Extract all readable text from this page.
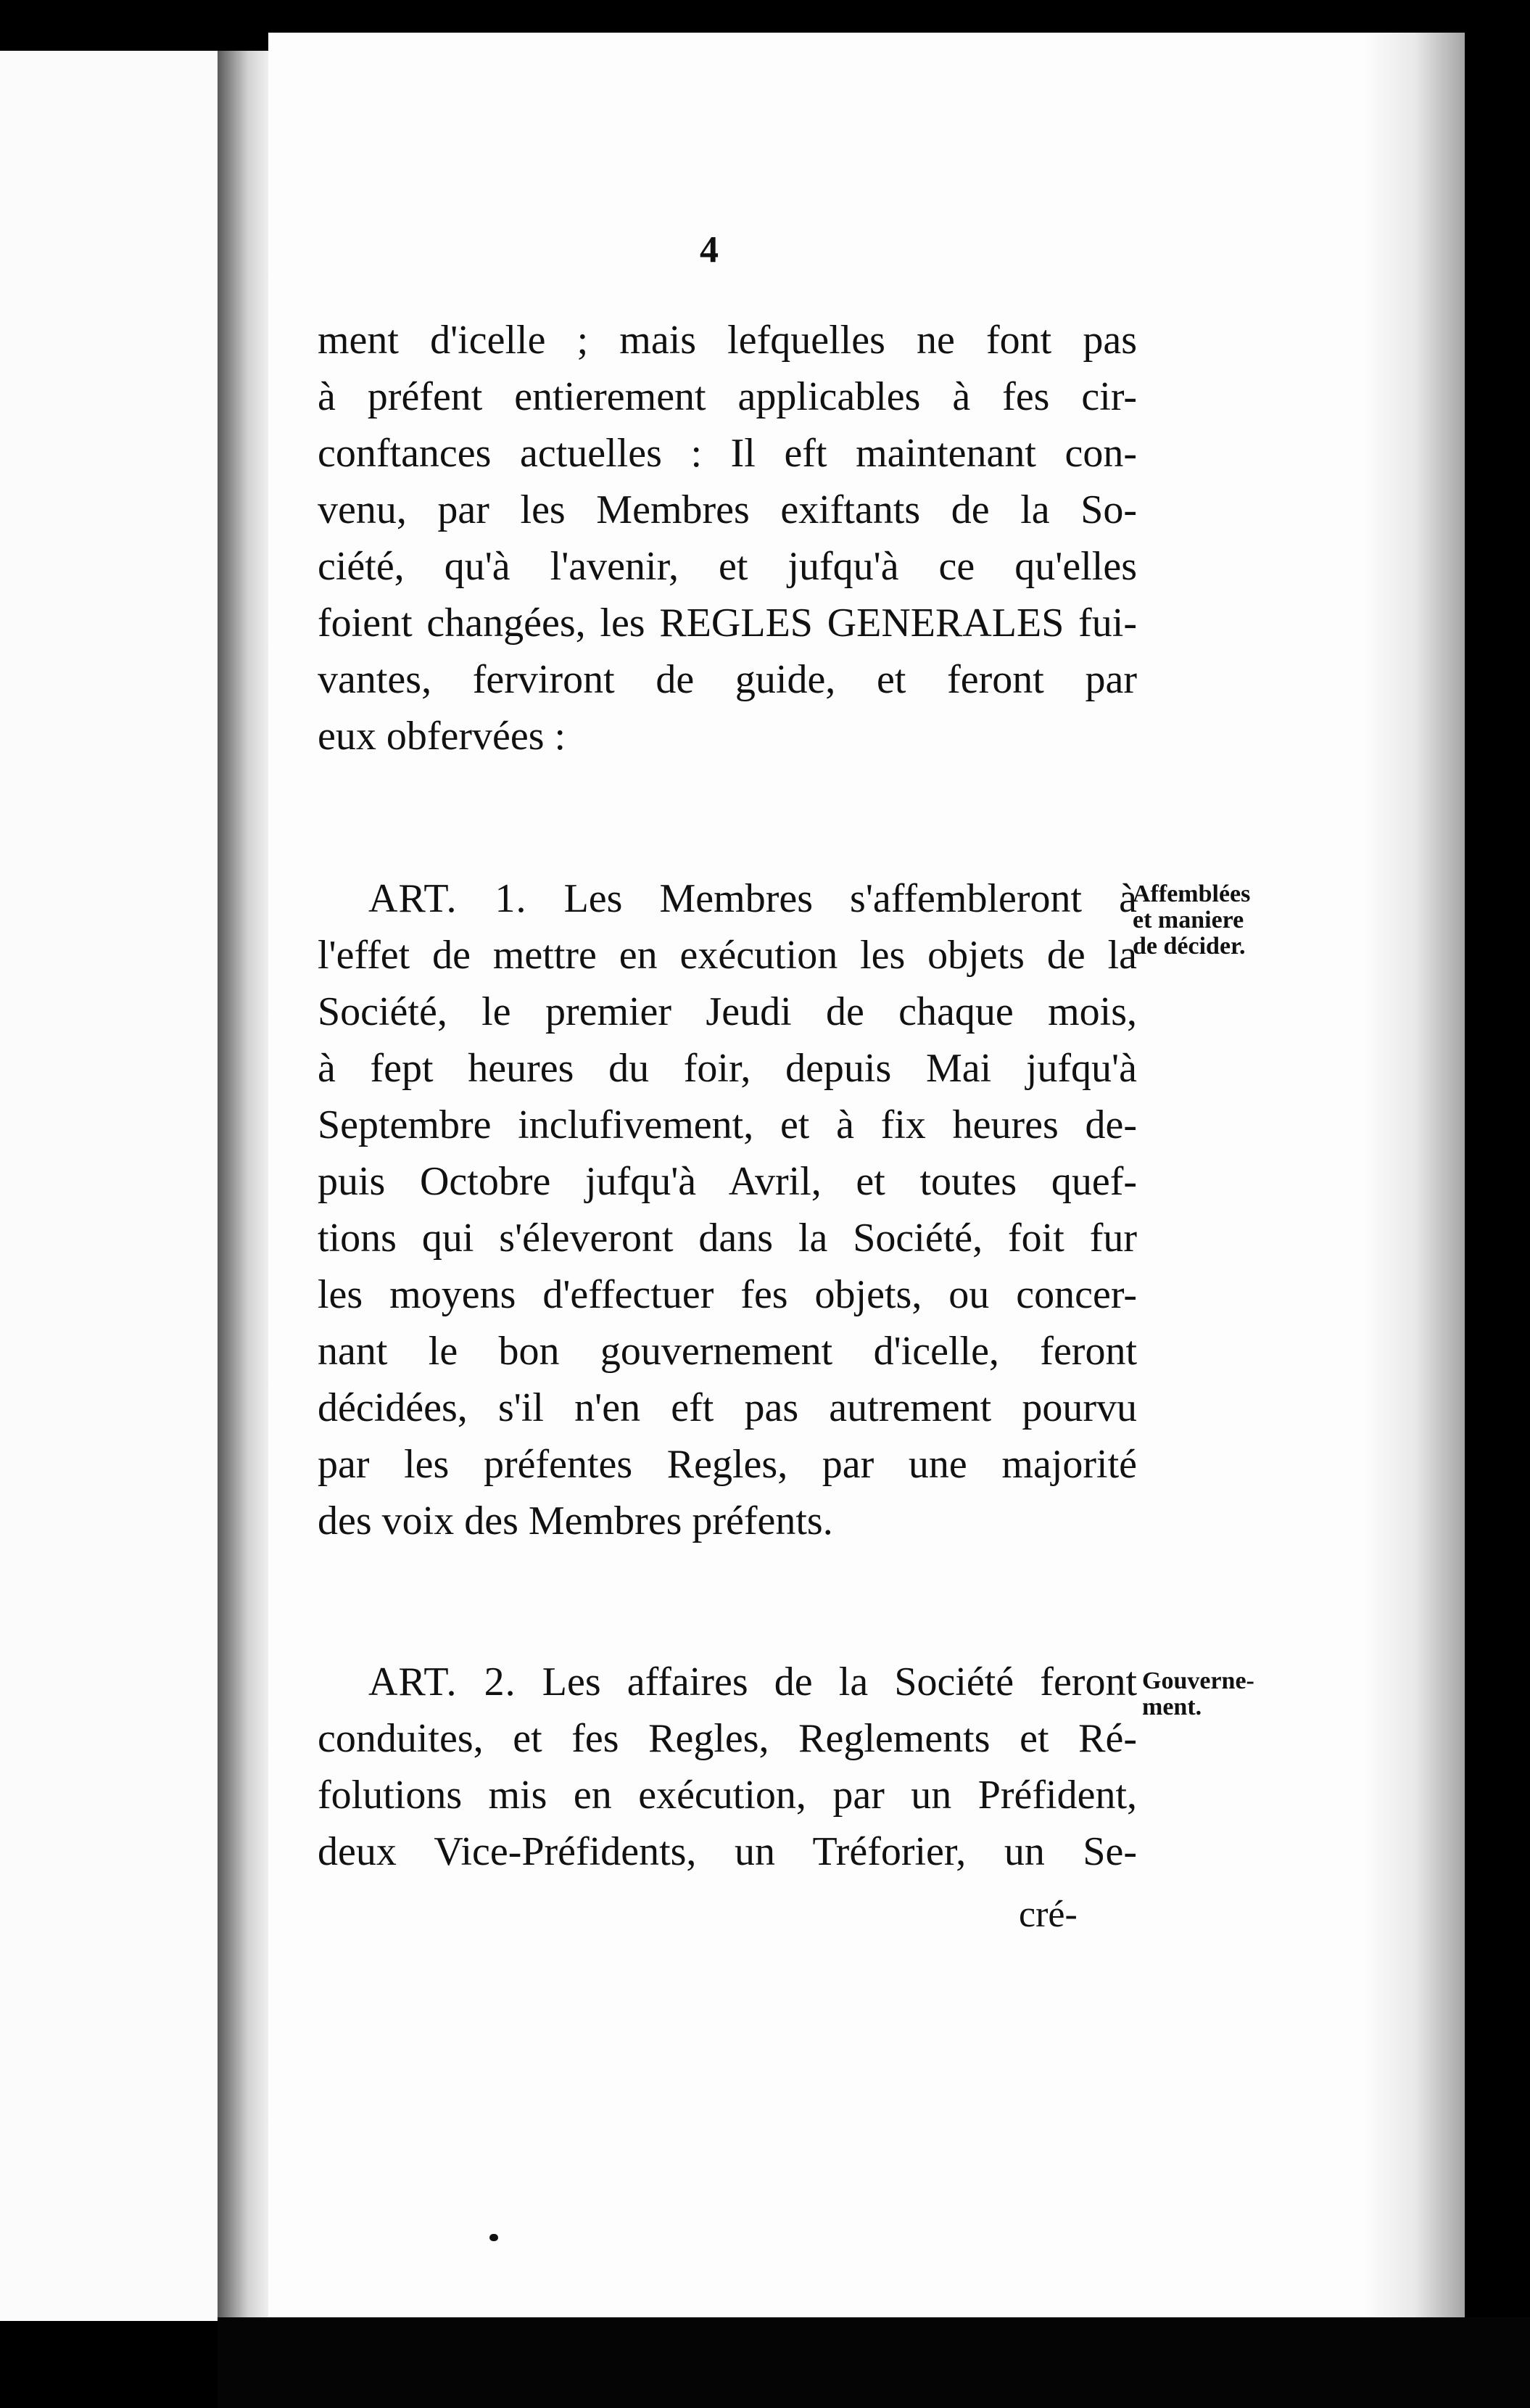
4
ment d'icelle ; mais lefquelles ne font pas
à préfent entierement applicables à fes cir-
conftances actuelles : Il eft maintenant con-
venu, par les Membres exiftants de la So-
ciété, qu'à l'avenir, et jufqu'à ce qu'elles
foient changées, les REGLES GENERALES fui-
vantes, ferviront de guide, et feront par
eux obfervées :
ART. 1. Les Membres s'affembleront à
l'effet de mettre en exécution les objets de la
Société, le premier Jeudi de chaque mois,
à fept heures du foir, depuis Mai jufqu'à
Septembre inclufivement, et à fix heures de-
puis Octobre jufqu'à Avril, et toutes quef-
tions qui s'éleveront dans la Société, foit fur
les moyens d'effectuer fes objets, ou concer-
nant le bon gouvernement d'icelle, feront
décidées, s'il n'en eft pas autrement pourvu
par les préfentes Regles, par une majorité
des voix des Membres préfents.
Affemblées
et maniere
de décider.
ART. 2. Les affaires de la Société feront
conduites, et fes Regles, Reglements et Ré-
folutions mis en exécution, par un Préfident,
deux Vice-Préfidents, un Tréforier, un Se-
Gouverne-
ment.
cré-
